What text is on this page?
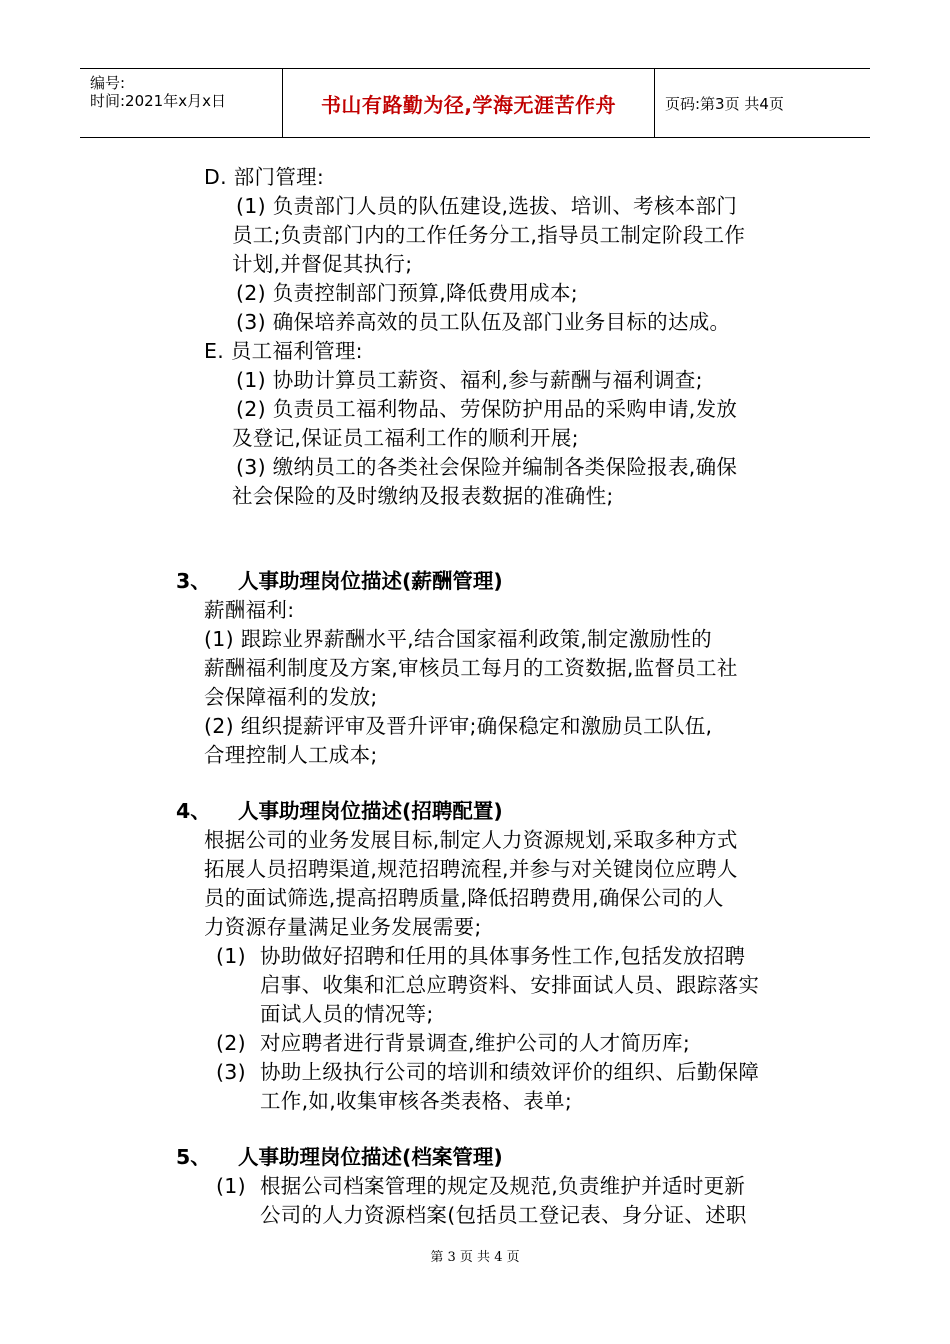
编号:
时间:2021年x月x日	书山有路勤为径,学海无涯苦作舟	页码:第3页 共4页
D. 部门管理:
(1) 负责部门人员的队伍建设,选拔、培训、考核本部门
员工;负责部门内的工作任务分工,指导员工制定阶段工作
计划,并督促其执行;
(2) 负责控制部门预算,降低费用成本;
(3) 确保培养高效的员工队伍及部门业务目标的达成。
E. 员工福利管理:
(1) 协助计算员工薪资、福利,参与薪酬与福利调查;
(2) 负责员工福利物品、劳保防护用品的采购申请,发放
及登记,保证员工福利工作的顺利开展;
(3) 缴纳员工的各类社会保险并编制各类保险报表,确保
社会保险的及时缴纳及报表数据的准确性;
3、 人事助理岗位描述(薪酬管理)
薪酬福利:
(1) 跟踪业界薪酬水平,结合国家福利政策,制定激励性的
薪酬福利制度及方案,审核员工每月的工资数据,监督员工社
会保障福利的发放;
(2) 组织提薪评审及晋升评审;确保稳定和激励员工队伍,
合理控制人工成本;
4、 人事助理岗位描述(招聘配置)
根据公司的业务发展目标,制定人力资源规划,采取多种方式
拓展人员招聘渠道,规范招聘流程,并参与对关键岗位应聘人
员的面试筛选,提高招聘质量,降低招聘费用,确保公司的人
力资源存量满足业务发展需要;
(1) 协助做好招聘和任用的具体事务性工作,包括发放招聘
启事、收集和汇总应聘资料、安排面试人员、跟踪落实
面试人员的情况等;
(2) 对应聘者进行背景调查,维护公司的人才简历库;
(3) 协助上级执行公司的培训和绩效评价的组织、后勤保障
工作,如,收集审核各类表格、表单;
5、 人事助理岗位描述(档案管理)
(1) 根据公司档案管理的规定及规范,负责维护并适时更新
公司的人力资源档案(包括员工登记表、身分证、述职
第 3 页 共 4 页
